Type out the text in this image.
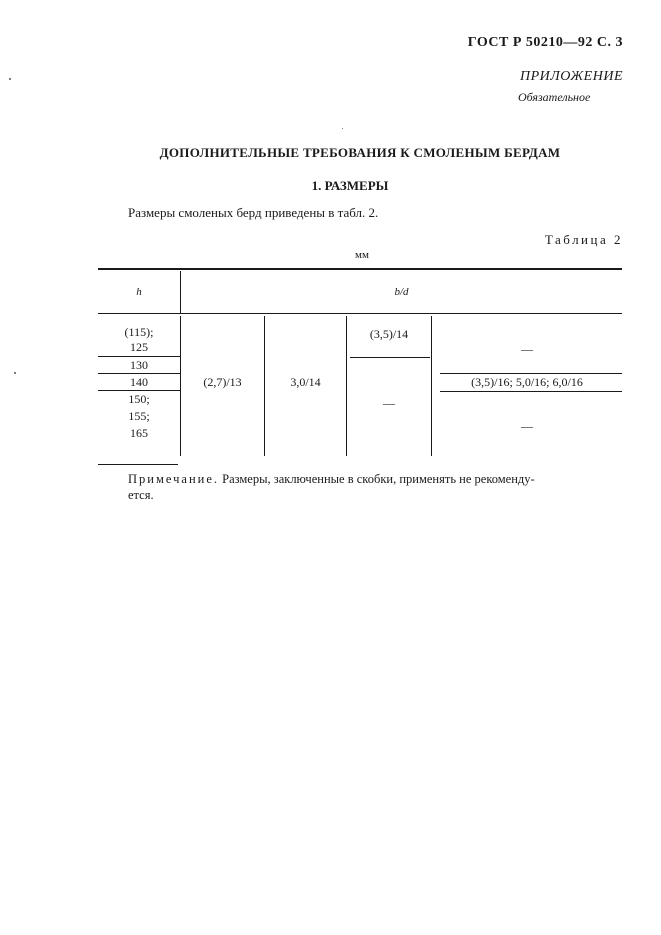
ГОСТ Р 50210—92 С. 3
ПРИЛОЖЕНИЕ
Обязательное
ДОПОЛНИТЕЛЬНЫЕ ТРЕБОВАНИЯ К СМОЛЕНЫМ БЕРДАМ
1. РАЗМЕРЫ
Размеры смоленых берд приведены в табл. 2.
Таблица 2
мм
h	b/d
(115);
125
130
140
150;
155;
165
(2,7)/13	3,0/14
(3,5)/14
—
—
(3,5)/16; 5,0/16; 6,0/16
—
Примечание. Размеры, заключенные в скобки, применять не рекоменду-
ется.
